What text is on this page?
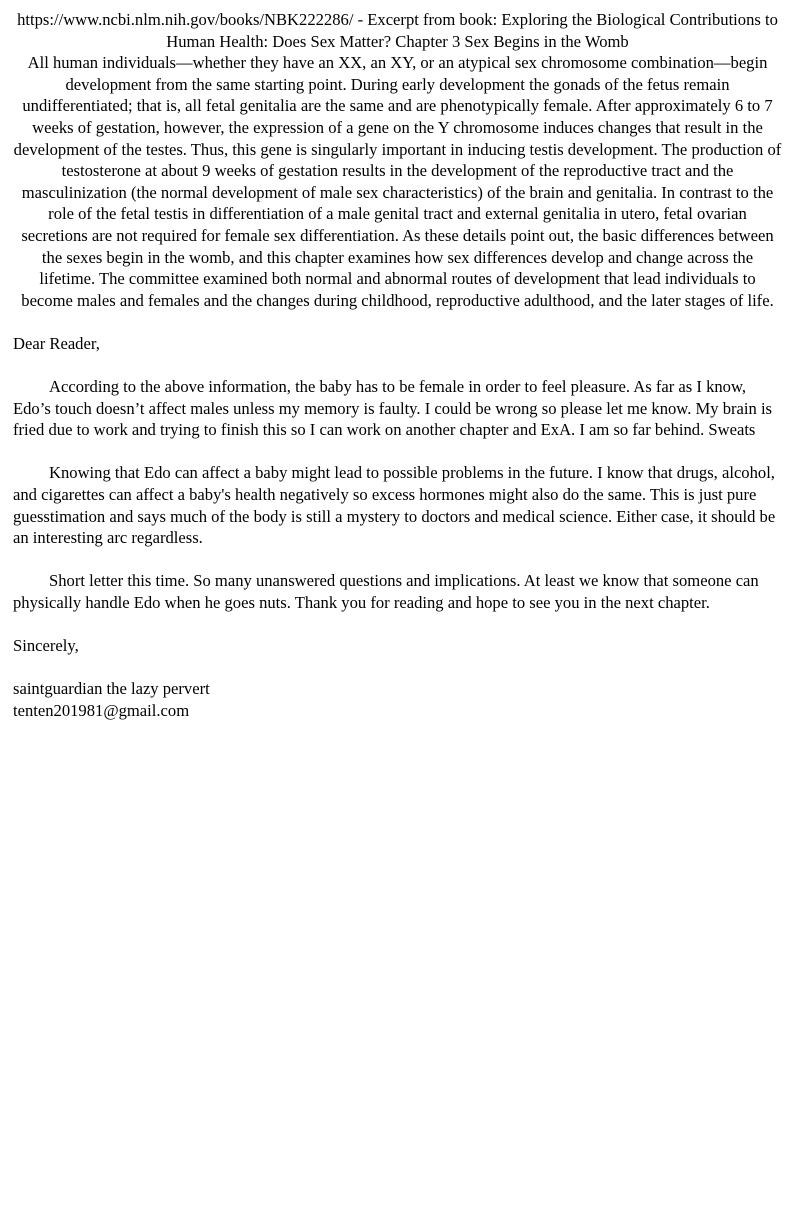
https://www.ncbi.nlm.nih.gov/books/NBK222286/ - Excerpt from book: Exploring the Biological Contributions to Human Health: Does Sex Matter? Chapter 3 Sex Begins in the Womb

All human individuals—whether they have an XX, an XY, or an atypical sex chromosome combination—begin development from the same starting point. During early development the gonads of the fetus remain undifferentiated; that is, all fetal genitalia are the same and are phenotypically female. After approximately 6 to 7 weeks of gestation, however, the expression of a gene on the Y chromosome induces changes that result in the development of the testes. Thus, this gene is singularly important in inducing testis development. The production of testosterone at about 9 weeks of gestation results in the development of the reproductive tract and the masculinization (the normal development of male sex characteristics) of the brain and genitalia. In contrast to the role of the fetal testis in differentiation of a male genital tract and external genitalia in utero, fetal ovarian secretions are not required for female sex differentiation. As these details point out, the basic differences between the sexes begin in the womb, and this chapter examines how sex differences develop and change across the lifetime. The committee examined both normal and abnormal routes of development that lead individuals to become males and females and the changes during childhood, reproductive adulthood, and the later stages of life.

Dear Reader,

According to the above information, the baby has to be female in order to feel pleasure. As far as I know, Edo’s touch doesn’t affect males unless my memory is faulty. I could be wrong so please let me know. My brain is fried due to work and trying to finish this so I can work on another chapter and ExA. I am so far behind. Sweats

Knowing that Edo can affect a baby might lead to possible problems in the future. I know that drugs, alcohol, and cigarettes can affect a baby's health negatively so excess hormones might also do the same. This is just pure guesstimation and says much of the body is still a mystery to doctors and medical science. Either case, it should be an interesting arc regardless.

Short letter this time. So many unanswered questions and implications. At least we know that someone can physically handle Edo when he goes nuts. Thank you for reading and hope to see you in the next chapter.

Sincerely,

saintguardian the lazy pervert
tenten201981@gmail.com
